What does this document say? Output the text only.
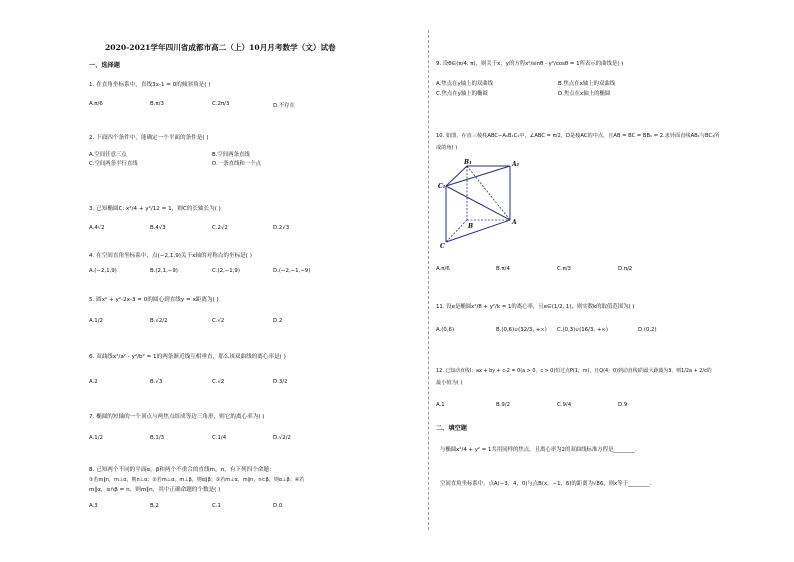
2020-2021学年四川省成都市高二（上）10月月考数学（文）试卷
一、选择题
1. 在直角坐标系中，直线3x-1 = 0的倾斜角是( )
A.π/6	B.π/3	C.2π/3	D.不存在
2. 下面四个条件中，能确定一个平面的条件是( )
A.空间任意三点	B.空间两条直线
C.空间两条平行直线	D.一条直线和一个点
3. 已知椭圆C: x²/4 + y²/12 = 1，则C的长轴长为( )
A.4√2	B.4√3	C.2√2	D.2√3
4. 在空间直角坐标系中，点(−2,1,9)关于x轴的对称点的坐标是( )
A.(−2,1,9)	B.(2,1,−9)	C.(2,−1,9)	D.(−2,−1,−9)
5. 圆x² + y²-2x-3 = 0的圆心到直线y = x距离为( )
A.1/2	B.√2/2	C.√2	D.2
6. 双曲线x²/a² - y²/b² = 1的两条渐近线互相垂直，那么该双曲线的离心率是( )
A.2	B.√3	C.√2	D.3/2
7. 椭圆的短轴的一个顶点与两焦点组成等边三角形，则它的离心率为( )
A.1/2	B.1/3	C.1/4	D.√2/2
8. 已知两个不同的平面α，β和两个不重合的直线m，n，有下列四个命题：
①若m∥n，m⊥α，则n⊥α；②若m⊥α，m⊥β，则α∥β；③若m⊥α，m∥n，n⊂β，则α⊥β；④若
m∥α，α∩β = n，则m∥n，其中正确命题的个数是( )
A.3	B.2	C.1	D.0
9. 设θ∈(π/4, π)，则关于x，y的方程x²/sinθ - y²/cosθ = 1所表示的曲线是( )
A.焦点在y轴上的双曲线	B.焦点在x轴上的双曲线
C.焦点在y轴上的椭圆	D.焦点在x轴上的椭圆
10. 如图，在直三棱柱ABC−A₁B₁C₁中，∠ABC = π/2，D是棱AC的中点，且AB = BC = BB₁ = 2.求异面直线AB₁与BC₁所
成的角( )
B₁	A₁
C₁
B
A
C
A.π/6	B.π/4	C.π/3	D.π/2
11. 设e是椭圆x²/8 + y²/k = 1的离心率，且e∈(1/2, 1)，则实数k的取值范围为( )
A.(0,6)	B.(0,6)∪(32/3, +∞) C.(0,3)∪(16/3, +∞)	D.(0,2)
12. 已知动直线l：ax + by + c-2 = 0(a > 0，c > 0)恒过点P(1，m)，且Q(4，0)到动直线l的最大距离为3，则1/2a + 2/c的
最小值为( )
A.1	B.9/2	C.9/4	D.9
二、填空题
与椭圆x²/4 + y² = 1共用同样的焦点，且离心率为2的双曲线标准方程是________．
空间直角坐标系中，点A(−3，4，0)与点B(x，−1，6)的距离为√86，则x等于________．
